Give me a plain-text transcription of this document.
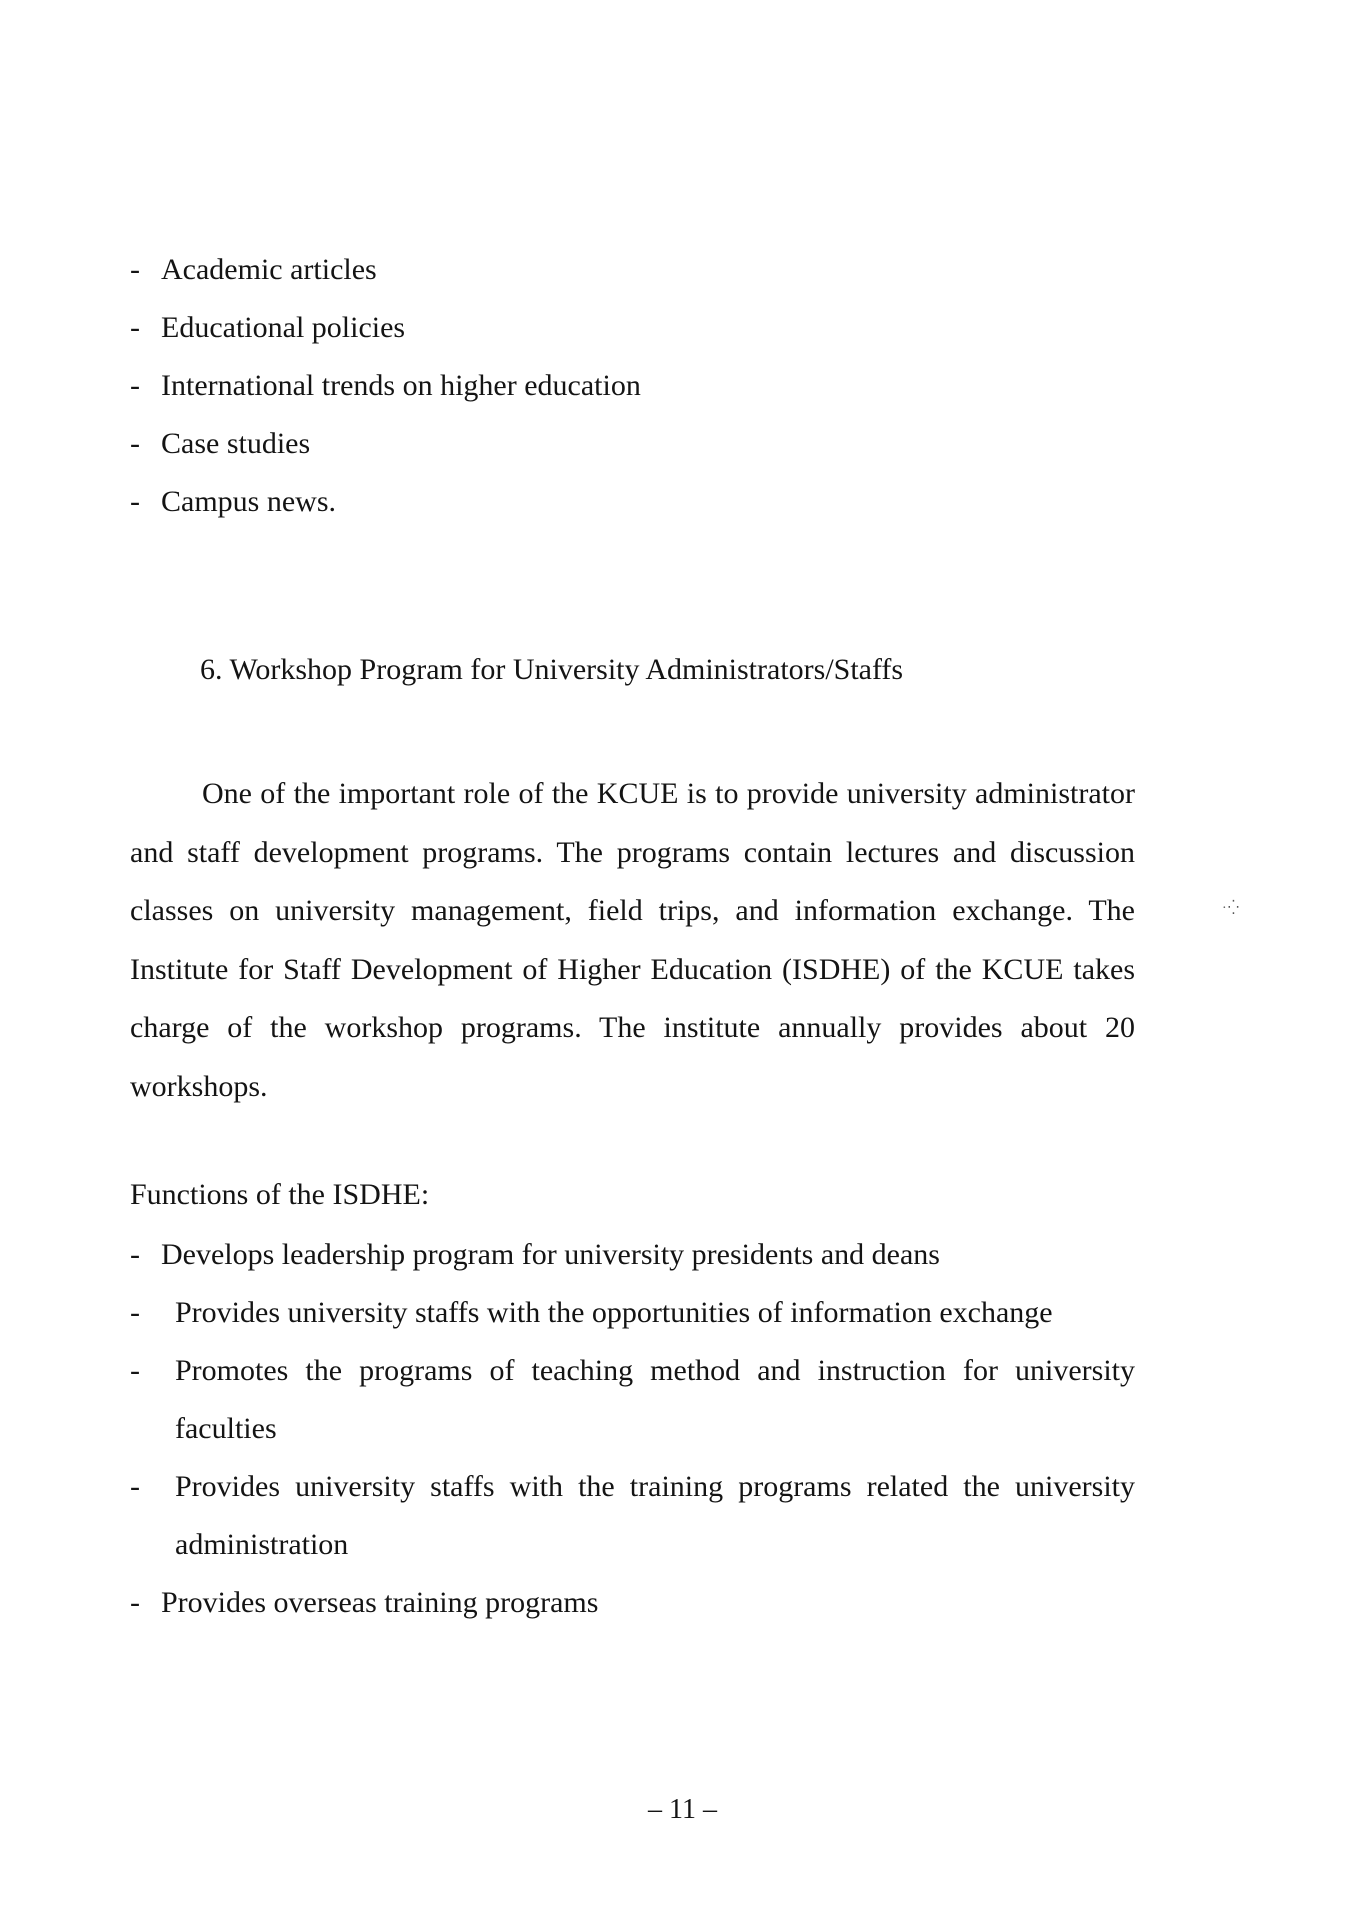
- Academic articles
- Educational policies
- International trends on higher education
- Case studies
- Campus news.
6. Workshop Program for University Administrators/Staffs

One of the important role of the KCUE is to provide university administrator and staff development programs. The programs contain lectures and discussion classes on university management, field trips, and information exchange. The Institute for Staff Development of Higher Education (ISDHE) of the KCUE takes charge of the workshop programs. The institute annually provides about 20 workshops.

· ⁛

Functions of the ISDHE:

- Develops leadership program for university presidents and deans
- Provides university staffs with the opportunities of information exchange
- Promotes the programs of teaching method and instruction for university faculties
- Provides university staffs with the training programs related the university administration
- Provides overseas training programs
– 11 –
